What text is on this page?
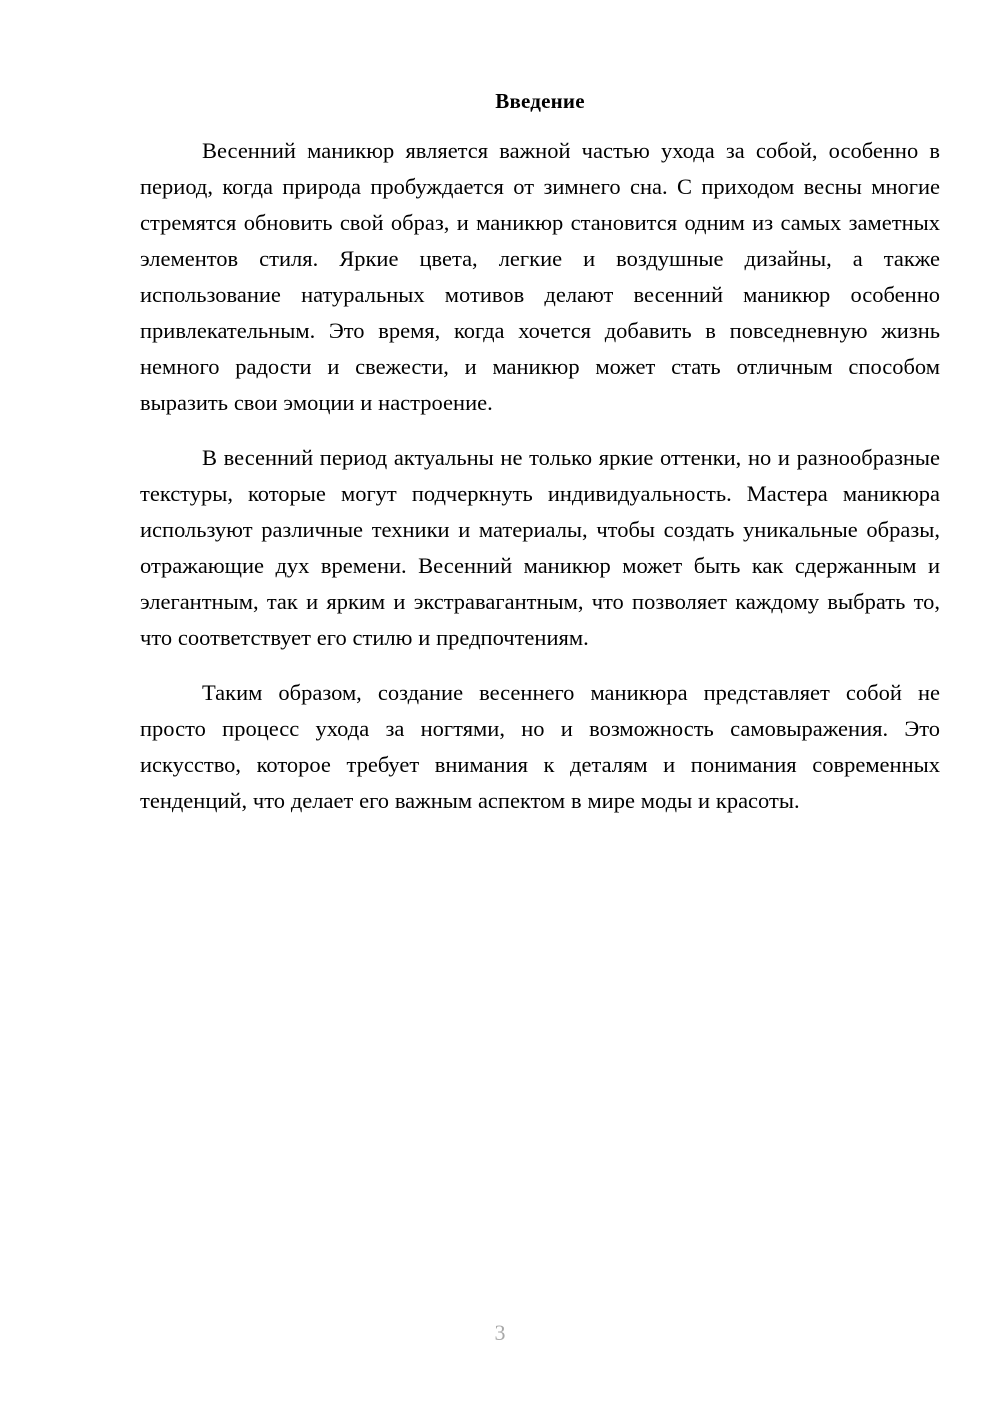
Введение

Весенний маникюр является важной частью ухода за собой, особенно в период, когда природа пробуждается от зимнего сна. С приходом весны многие стремятся обновить свой образ, и маникюр становится одним из самых заметных элементов стиля. Яркие цвета, легкие и воздушные дизайны, а также использование натуральных мотивов делают весенний маникюр особенно привлекательным. Это время, когда хочется добавить в повседневную жизнь немного радости и свежести, и маникюр может стать отличным способом выразить свои эмоции и настроение.

В весенний период актуальны не только яркие оттенки, но и разнообразные текстуры, которые могут подчеркнуть индивидуальность. Мастера маникюра используют различные техники и материалы, чтобы создать уникальные образы, отражающие дух времени. Весенний маникюр может быть как сдержанным и элегантным, так и ярким и экстравагантным, что позволяет каждому выбрать то, что соответствует его стилю и предпочтениям.

Таким образом, создание весеннего маникюра представляет собой не просто процесс ухода за ногтями, но и возможность самовыражения. Это искусство, которое требует внимания к деталям и понимания современных тенденций, что делает его важным аспектом в мире моды и красоты.

3
